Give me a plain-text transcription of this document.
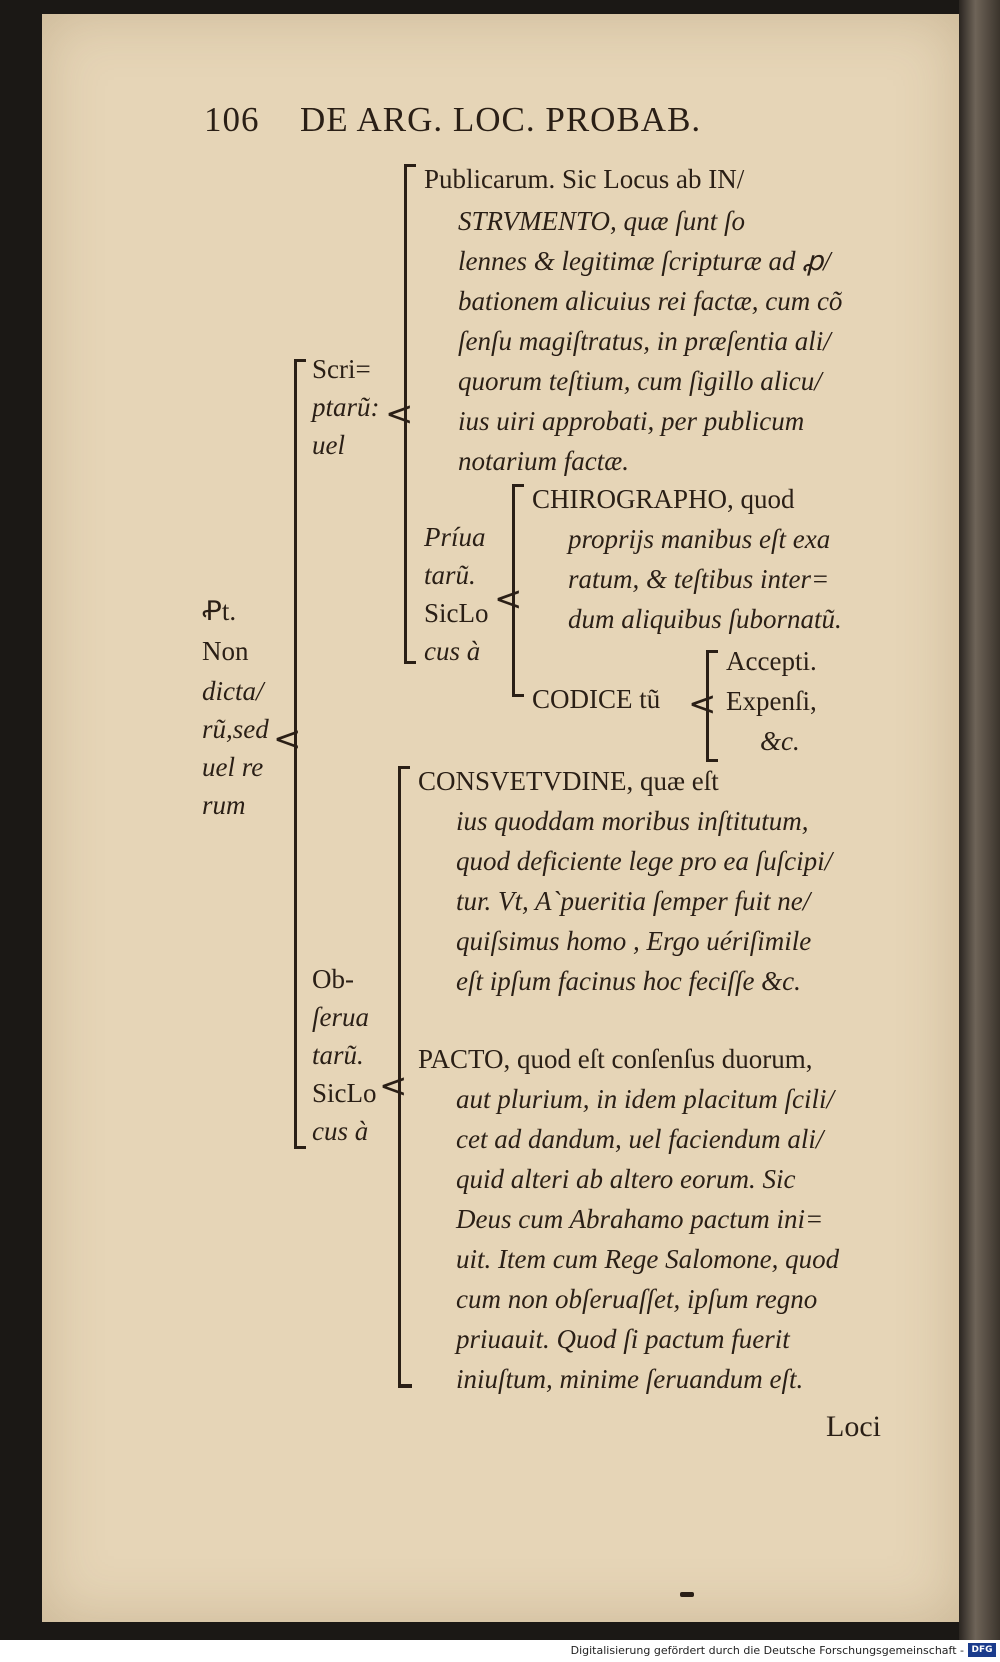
106 DE ARG. LOC. PROBAB.
Ꝓt.
Non
dicta/
rũ,sed
uel re
rum
<
Scri=
ptarũ:
uel
<
Publicarum. Sic Locus ab IN/
STRVMENTO, quæ ſunt ſo
lennes & legitimæ ſcripturæ ad ꝓ/
bationem alicuius rei factæ, cum cõ
ſenſu magiſtratus, in præſentia ali/
quorum teſtium, cum ſigillo alicu/
ius uiri approbati, per publicum
notarium factæ.
Príua
tarũ.
SicLo
cus à
<
CHIROGRAPHO, quod
proprijs manibus eſt exa
ratum, & teſtibus inter=
dum aliquibus ſubornatũ.
CODICE tũ <
Accepti.
Expenſi,
&c.
<
Ob-
ſerua
tarũ.
SicLo
cus à
CONSVETVDINE, quæ eſt
ius quoddam moribus inſtitutum,
quod deficiente lege pro ea ſuſcipi/
tur. Vt, A`pueritia ſemper fuit ne/
quiſsimus homo , Ergo uériſimile
eſt ipſum facinus hoc feciſſe &c.
PACTO, quod eſt conſenſus duorum,
aut plurium, in idem placitum ſcili/
cet ad dandum, uel faciendum ali/
quid alteri ab altero eorum. Sic
Deus cum Abrahamo pactum ini=
uit. Item cum Rege Salomone, quod
cum non obſeruaſſet, ipſum regno
priuauit. Quod ſi pactum fuerit
iniuſtum, minime ſeruandum eſt.
Loci
Digitalisierung gefördert durch die Deutsche Forschungsgemeinschaft - DFG
